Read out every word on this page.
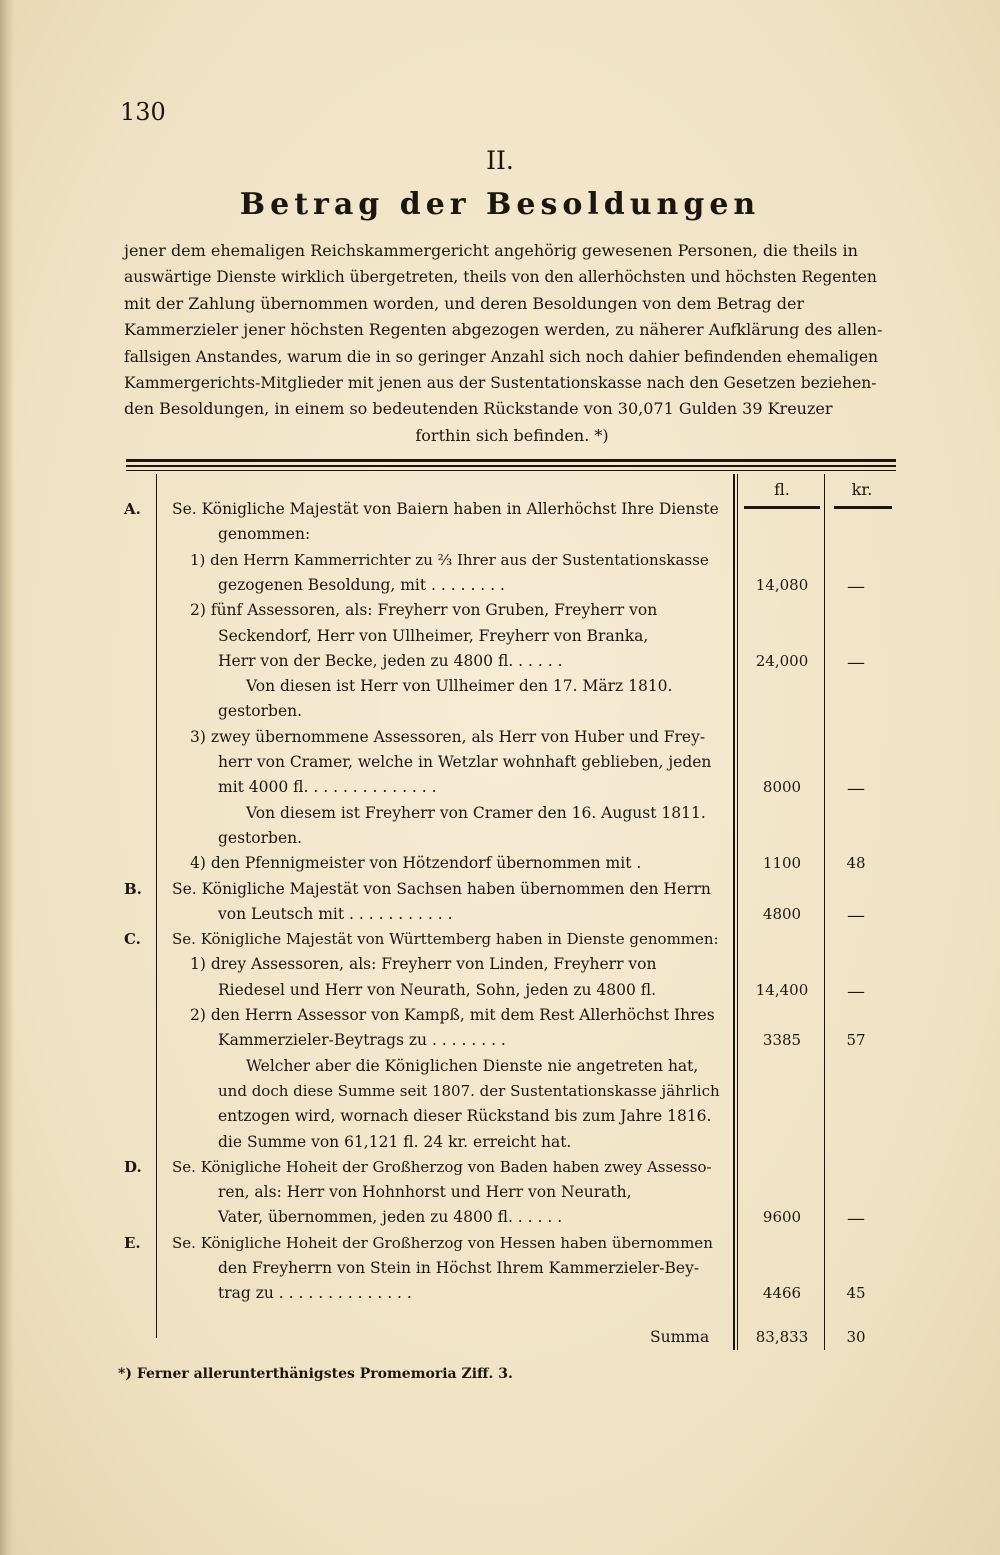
130
II.
Betrag der Besoldungen

jener dem ehemaligen Reichskammergericht angehörig gewesenen Personen, die theils in

auswärtige Dienste wirklich übergetreten, theils von den allerhöchsten und höchsten Regenten

mit der Zahlung übernommen worden, und deren Besoldungen von dem Betrag der

Kammerzieler jener höchsten Regenten abgezogen werden, zu näherer Aufklärung des allen-

fallsigen Anstandes, warum die in so geringer Anzahl sich noch dahier befindenden ehemaligen

Kammergerichts-Mitglieder mit jenen aus der Sustentationskasse nach den Gesetzen beziehen-

den Besoldungen, in einem so bedeutenden Rückstande von 30,071 Gulden 39 Kreuzer

forthin sich befinden. *)

fl.	kr.
A.	Se. Königliche Majestät von Baiern haben in Allerhöchst Ihre Dienste
genommen:
1) den Herrn Kammerrichter zu ⅔ Ihrer aus der Sustentationskasse
gezogenen Besoldung, mit . . . . . . . .	14,080	—
2) fünf Assessoren, als: Freyherr von Gruben, Freyherr von
Seckendorf, Herr von Ullheimer, Freyherr von Branka,
Herr von der Becke, jeden zu 4800 fl. . . . . .	24,000	—
Von diesen ist Herr von Ullheimer den 17. März 1810.
gestorben.
3) zwey übernommene Assessoren, als Herr von Huber und Frey-
herr von Cramer, welche in Wetzlar wohnhaft geblieben, jeden
mit 4000 fl. . . . . . . . . . . . . .	8000	—
Von diesem ist Freyherr von Cramer den 16. August 1811.
gestorben.
4) den Pfennigmeister von Hötzendorf übernommen mit .	1100	48
B.	Se. Königliche Majestät von Sachsen haben übernommen den Herrn
von Leutsch mit . . . . . . . . . . .	4800	—
C.	Se. Königliche Majestät von Württemberg haben in Dienste genommen:
1) drey Assessoren, als: Freyherr von Linden, Freyherr von
Riedesel und Herr von Neurath, Sohn, jeden zu 4800 fl.	14,400	—
2) den Herrn Assessor von Kampß, mit dem Rest Allerhöchst Ihres
Kammerzieler-Beytrags zu . . . . . . . .	3385	57
Welcher aber die Königlichen Dienste nie angetreten hat,
und doch diese Summe seit 1807. der Sustentationskasse jährlich
entzogen wird, wornach dieser Rückstand bis zum Jahre 1816.
die Summe von 61,121 fl. 24 kr. erreicht hat.
D.	Se. Königliche Hoheit der Großherzog von Baden haben zwey Assesso-
ren, als: Herr von Hohnhorst und Herr von Neurath,
Vater, übernommen, jeden zu 4800 fl. . . . . .	9600	—
E.	Se. Königliche Hoheit der Großherzog von Hessen haben übernommen
den Freyherrn von Stein in Höchst Ihrem Kammerzieler-Bey-
trag zu . . . . . . . . . . . . . .	4466	45
Summa	83,833	30
*) Ferner allerunterthänigstes Promemoria Ziff. 3.
